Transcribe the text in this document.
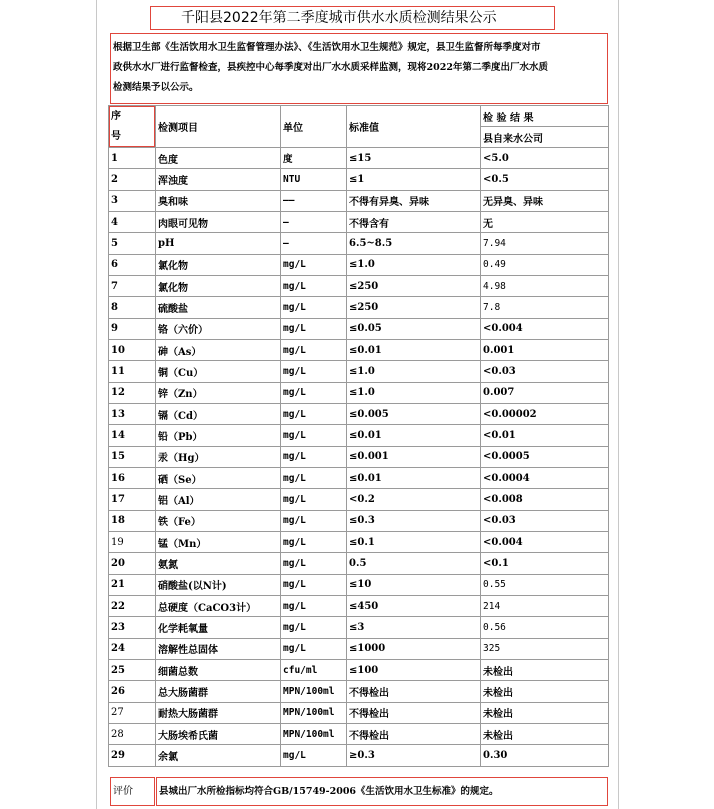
千阳县2022年第二季度城市供水水质检测结果公示
根据卫生部《生活饮用水卫生监督管理办法》、《生活饮用水卫生规范》规定，县卫生监督所每季度对市
政供水水厂进行监督检查，县疾控中心每季度对出厂水水质采样监测，现将2022年第二季度出厂水水质
检测结果予以公示。
序
号	检测项目	单位	标准值	检 验 结 果
				县自来水公司
1	色度	度	≤15	<5.0
2	浑浊度	NTU	≤1	<0.5
3	臭和味	——	不得有异臭、异味	无异臭、异味
4	肉眼可见物	—	不得含有	无
5	pH	—	6.5~8.5	7.94
6	氯化物	mg/L	≤1.0	0.49
7	氯化物	mg/L	≤250	4.98
8	硫酸盐	mg/L	≤250	7.8
9	铬（六价）	mg/L	≤0.05	<0.004
10	砷（As）	mg/L	≤0.01	0.001
11	铜（Cu）	mg/L	≤1.0	<0.03
12	锌（Zn）	mg/L	≤1.0	0.007
13	镉（Cd）	mg/L	≤0.005	<0.00002
14	铅（Pb）	mg/L	≤0.01	<0.01
15	汞（Hg）	mg/L	≤0.001	<0.0005
16	硒（Se）	mg/L	≤0.01	<0.0004
17	铝（Al）	mg/L	<0.2	<0.008
18	铁（Fe）	mg/L	≤0.3	<0.03
19	锰（Mn）	mg/L	≤0.1	<0.004
20	氨氮	mg/L	0.5	<0.1
21	硝酸盐(以N计)	mg/L	≤10	0.55
22	总硬度（CaCO3计）	mg/L	≤450	214
23	化学耗氧量	mg/L	≤3	0.56
24	溶解性总固体	mg/L	≤1000	325
25	细菌总数	cfu/ml	≤100	未检出
26	总大肠菌群	MPN/100ml	不得检出	未检出
27	耐热大肠菌群	MPN/100ml	不得检出	未检出
28	大肠埃希氏菌	MPN/100ml	不得检出	未检出
29	余氯	mg/L	≥0.3	0.30
评价	县城出厂水所检指标均符合GB/15749-2006《生活饮用水卫生标准》的规定。
